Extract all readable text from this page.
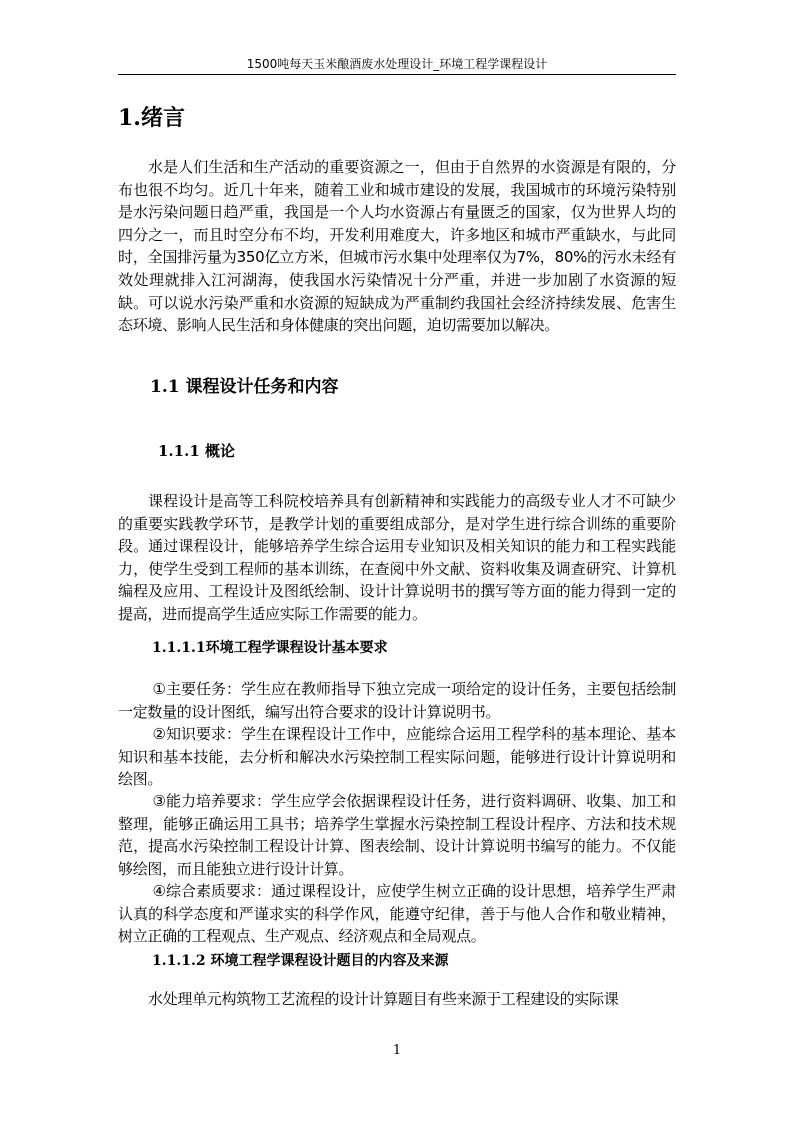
1500吨每天玉米酿酒废水处理设计_环境工程学课程设计
1.绪言

水是人们生活和生产活动的重要资源之一，但由于自然界的水资源是有限的，分布也很不均匀。近几十年来，随着工业和城市建设的发展，我国城市的环境污染特别是水污染问题日趋严重，我国是一个人均水资源占有量匮乏的国家，仅为世界人均的四分之一，而且时空分布不均，开发利用难度大，许多地区和城市严重缺水，与此同时，全国排污量为350亿立方米，但城市污水集中处理率仅为7%，80%的污水未经有效处理就排入江河湖海，使我国水污染情况十分严重，并进一步加剧了水资源的短缺。可以说水污染严重和水资源的短缺成为严重制约我国社会经济持续发展、危害生态环境、影响人民生活和身体健康的突出问题，迫切需要加以解决。

1.1 课程设计任务和内容
1.1.1 概论

课程设计是高等工科院校培养具有创新精神和实践能力的高级专业人才不可缺少的重要实践教学环节，是教学计划的重要组成部分，是对学生进行综合训练的重要阶段。通过课程设计，能够培养学生综合运用专业知识及相关知识的能力和工程实践能力，使学生受到工程师的基本训练，在查阅中外文献、资料收集及调查研究、计算机编程及应用、工程设计及图纸绘制、设计计算说明书的撰写等方面的能力得到一定的提高，进而提高学生适应实际工作需要的能力。

1.1.1.1环境工程学课程设计基本要求

①主要任务：学生应在教师指导下独立完成一项给定的设计任务，主要包括绘制一定数量的设计图纸，编写出符合要求的设计计算说明书。

②知识要求：学生在课程设计工作中，应能综合运用工程学科的基本理论、基本知识和基本技能，去分析和解决水污染控制工程实际问题，能够进行设计计算说明和绘图。

③能力培养要求：学生应学会依据课程设计任务，进行资料调研、收集、加工和整理，能够正确运用工具书；培养学生掌握水污染控制工程设计程序、方法和技术规范，提高水污染控制工程设计计算、图表绘制、设计计算说明书编写的能力。不仅能够绘图，而且能独立进行设计计算。

④综合素质要求：通过课程设计，应使学生树立正确的设计思想，培养学生严肃认真的科学态度和严谨求实的科学作风，能遵守纪律，善于与他人合作和敬业精神，树立正确的工程观点、生产观点、经济观点和全局观点。

1.1.1.2 环境工程学课程设计题目的内容及来源

水处理单元构筑物工艺流程的设计计算题目有些来源于工程建设的实际课

1
